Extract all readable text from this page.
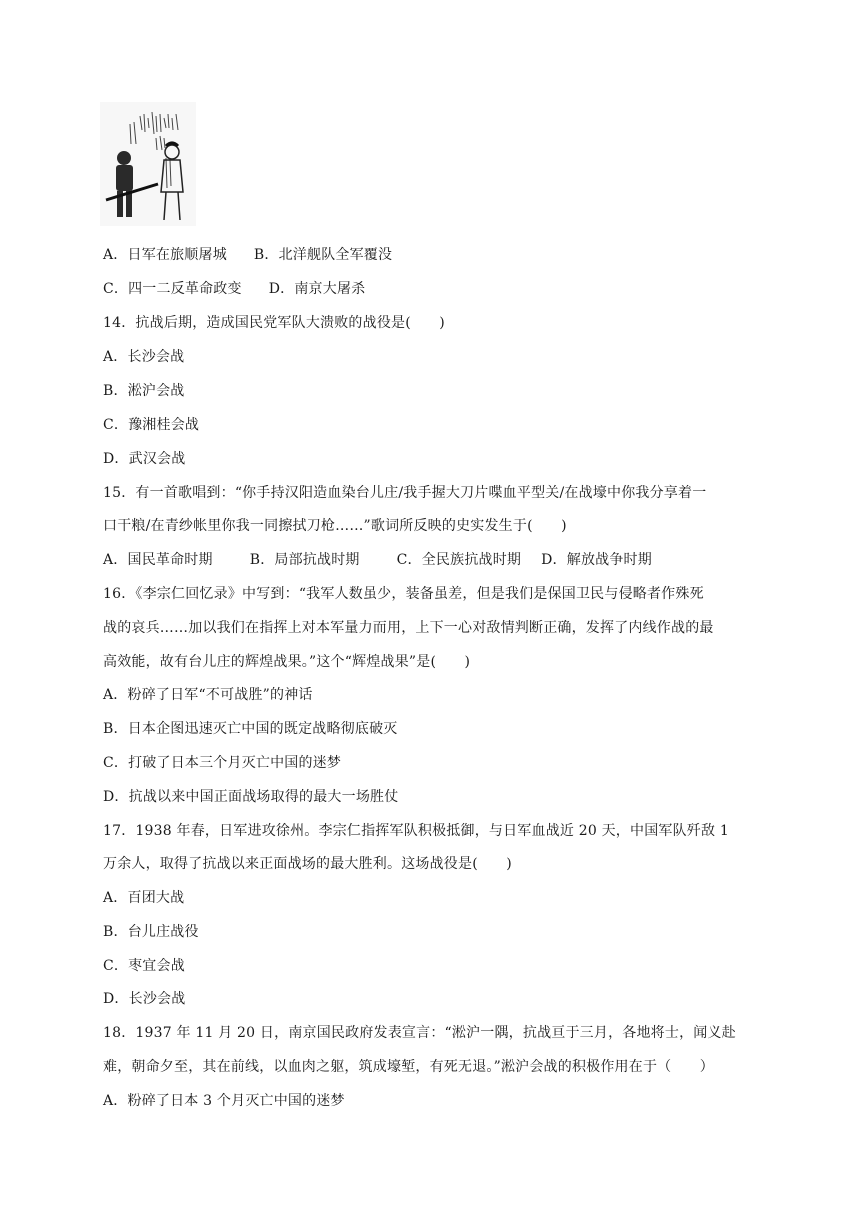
A．日军在旅顺屠城 B．北洋舰队全军覆没
C．四一二反革命政变 D．南京大屠杀
14．抗战后期，造成国民党军队大溃败的战役是(　　)
A．长沙会战
B．淞沪会战
C．豫湘桂会战
D．武汉会战
15．有一首歌唱到：“你手持汉阳造血染台儿庄/我手握大刀片喋血平型关/在战壕中你我分享着一
口干粮/在青纱帐里你我一同擦拭刀枪……”歌词所反映的史实发生于(　　)
A．国民革命时期	B．局部抗战时期	C．全民族抗战时期 D．解放战争时期
16．《李宗仁回忆录》中写到：“我军人数虽少，装备虽差，但是我们是保国卫民与侵略者作殊死
战的哀兵……加以我们在指挥上对本军量力而用，上下一心对敌情判断正确，发挥了内线作战的最
高效能，故有台儿庄的辉煌战果。”这个“辉煌战果”是(　　)
A．粉碎了日军“不可战胜”的神话
B．日本企图迅速灭亡中国的既定战略彻底破灭
C．打破了日本三个月灭亡中国的迷梦
D．抗战以来中国正面战场取得的最大一场胜仗
17．1938 年春，日军进攻徐州。李宗仁指挥军队积极抵御，与日军血战近 20 天，中国军队歼敌 1
万余人，取得了抗战以来正面战场的最大胜利。这场战役是(　　)
A．百团大战
B．台儿庄战役
C．枣宜会战
D．长沙会战
18．1937 年 11 月 20 日，南京国民政府发表宣言：“淞沪一隅，抗战亘于三月，各地将士，闻义赴
难，朝命夕至，其在前线，以血肉之躯，筑成壕堑，有死无退。”淞沪会战的积极作用在于（　　）
A．粉碎了日本 3 个月灭亡中国的迷梦
